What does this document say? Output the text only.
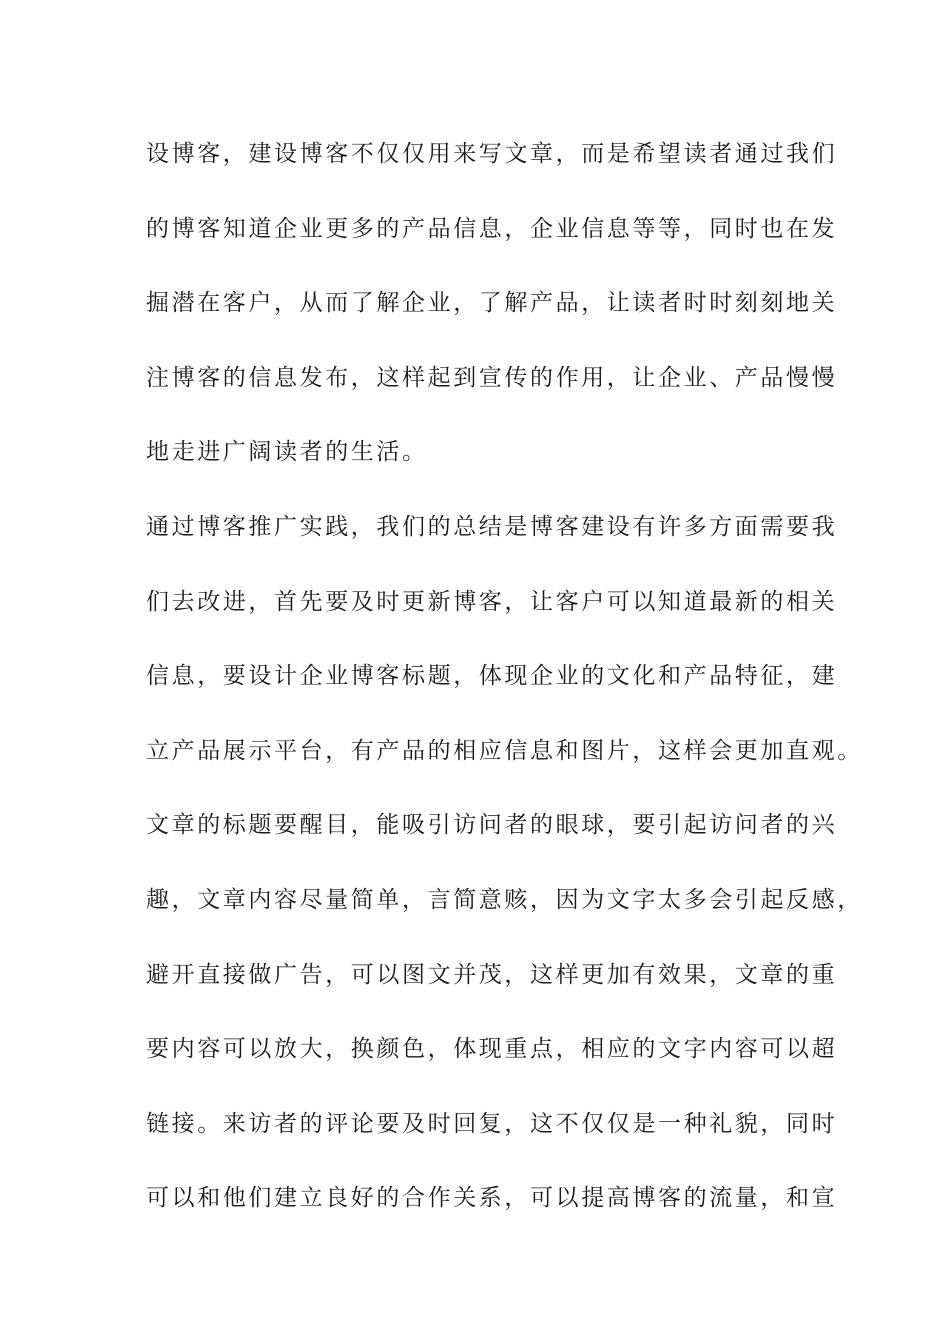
设博客，建设博客不仅仅用来写文章，而是希望读者通过我们
的博客知道企业更多的产品信息，企业信息等等，同时也在发
掘潜在客户，从而了解企业，了解产品，让读者时时刻刻地关
注博客的信息发布，这样起到宣传的作用，让企业、产品慢慢
地走进广阔读者的生活。
通过博客推广实践，我们的总结是博客建设有许多方面需要我
们去改进，首先要及时更新博客，让客户可以知道最新的相关
信息，要设计企业博客标题，体现企业的文化和产品特征，建
立产品展示平台，有产品的相应信息和图片，这样会更加直观。
文章的标题要醒目，能吸引访问者的眼球，要引起访问者的兴
趣，文章内容尽量简单，言简意赅，因为文字太多会引起反感，
避开直接做广告，可以图文并茂，这样更加有效果，文章的重
要内容可以放大，换颜色，体现重点，相应的文字内容可以超
链接。来访者的评论要及时回复，这不仅仅是一种礼貌，同时
可以和他们建立良好的合作关系，可以提高博客的流量，和宣
